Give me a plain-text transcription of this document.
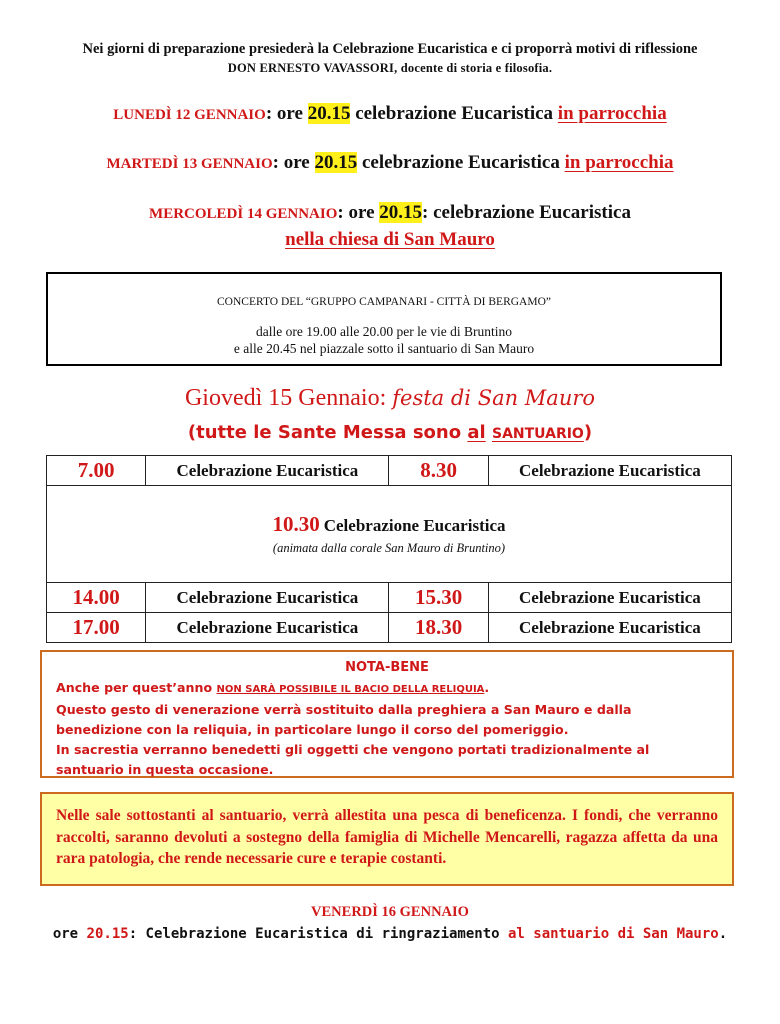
Nei giorni di preparazione presiederà la Celebrazione Eucaristica e ci proporrà motivi di riflessione
DON ERNESTO VAVASSORI, docente di storia e filosofia.
LUNEDÌ 12 GENNAIO: ore 20.15 celebrazione Eucaristica in parrocchia
MARTEDÌ 13 GENNAIO: ore 20.15 celebrazione Eucaristica in parrocchia
MERCOLEDÌ 14 GENNAIO: ore 20.15: celebrazione Eucaristica
nella chiesa di San Mauro
CONCERTO DEL “GRUPPO CAMPANARI - CITTÀ DI BERGAMO”
dalle ore 19.00 alle 20.00 per le vie di Bruntino
e alle 20.45 nel piazzale sotto il santuario di San Mauro
Giovedì 15 Gennaio: festa di San Mauro
(tutte le Sante Messa sono al SANTUARIO)
7.00	Celebrazione Eucaristica	8.30	Celebrazione Eucaristica

10.30 Celebrazione Eucaristica
(animata dalla corale San Mauro di Bruntino)			

14.00	Celebrazione Eucaristica	15.30	Celebrazione Eucaristica
17.00	Celebrazione Eucaristica	18.30	Celebrazione Eucaristica
NOTA-BENE
Anche per quest’anno NON SARÀ POSSIBILE IL BACIO DELLA RELIQUIA.
Questo gesto di venerazione verrà sostituito dalla preghiera a San Mauro e dalla benedizione con la reliquia, in particolare lungo il corso del pomeriggio.
In sacrestia verranno benedetti gli oggetti che vengono portati tradizionalmente al santuario in questa occasione.
Nelle sale sottostanti al santuario, verrà allestita una pesca di beneficenza. I fondi, che verranno raccolti, saranno devoluti a sostegno della famiglia di Michelle Mencarelli, ragazza affetta da una rara patologia, che rende necessarie cure e terapie costanti.
VENERDÌ 16 GENNAIO
ore 20.15: Celebrazione Eucaristica di ringraziamento al santuario di San Mauro.
